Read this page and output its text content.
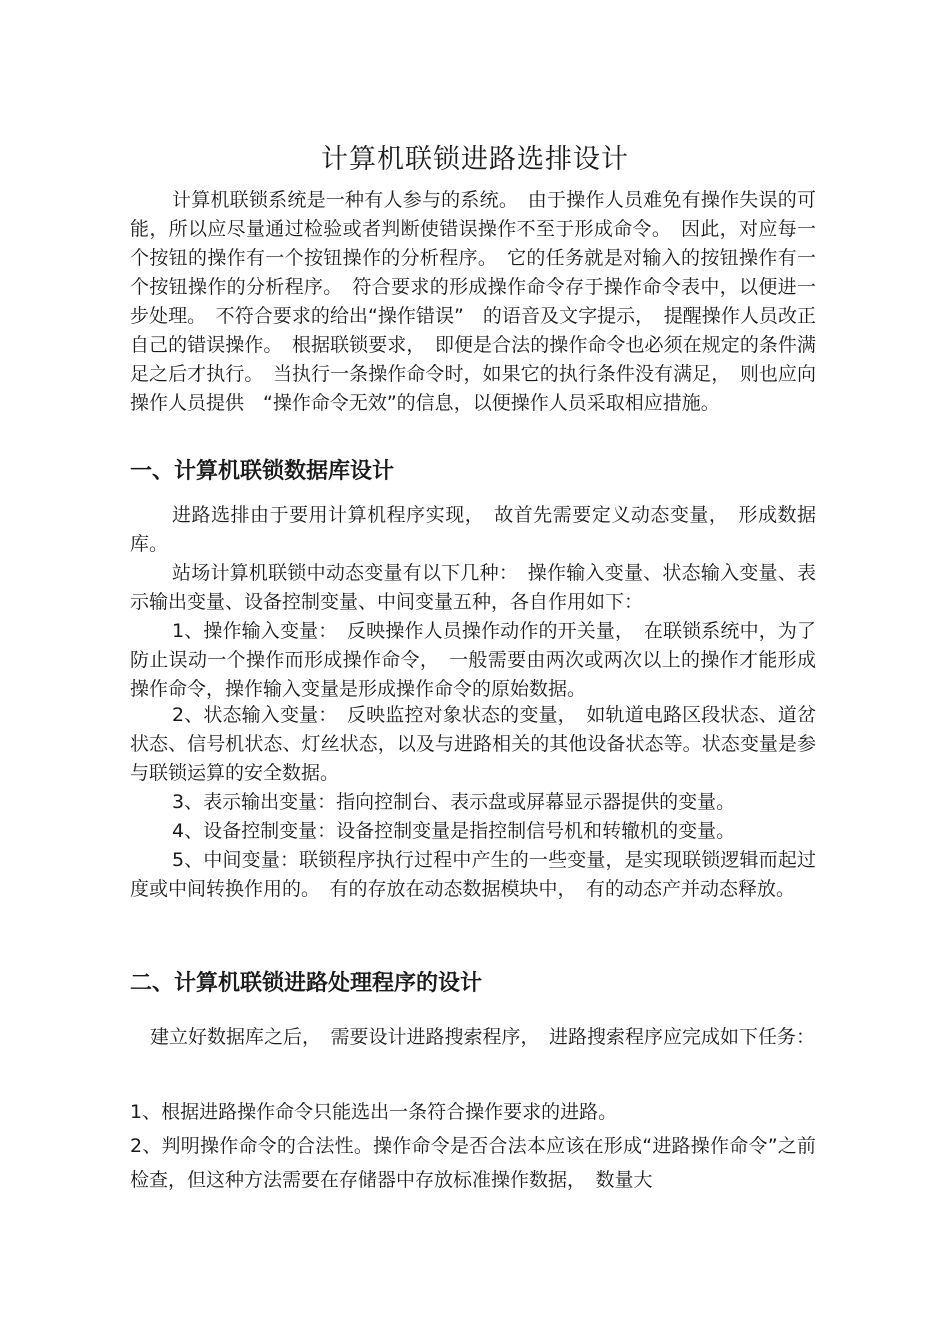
计算机联锁进路选排设计

计算机联锁系统是一种有人参与的系统。　由于操作人员难免有操作失误的可能，所以应尽量通过检验或者判断使错误操作不至于形成命令。　因此，对应每一个按钮的操作有一个按钮操作的分析程序。　它的任务就是对输入的按钮操作有一个按钮操作的分析程序。　符合要求的形成操作命令存于操作命令表中，以便进一步处理。　不符合要求的给出“操作错误”　的语音及文字提示，　提醒操作人员改正自己的错误操作。　根据联锁要求，　即便是合法的操作命令也必须在规定的条件满足之后才执行。　当执行一条操作命令时，如果它的执行条件没有满足，　则也应向操作人员提供　“操作命令无效”的信息，以便操作人员采取相应措施。

一、计算机联锁数据库设计

进路选排由于要用计算机程序实现，　故首先需要定义动态变量，　形成数据库。

站场计算机联锁中动态变量有以下几种：　操作输入变量、状态输入变量、表示输出变量、设备控制变量、中间变量五种，各自作用如下：

1、操作输入变量：　反映操作人员操作动作的开关量，　在联锁系统中，为了防止误动一个操作而形成操作命令，　一般需要由两次或两次以上的操作才能形成操作命令，操作输入变量是形成操作命令的原始数据。

2、状态输入变量：　反映监控对象状态的变量，　如轨道电路区段状态、道岔状态、信号机状态、灯丝状态，以及与进路相关的其他设备状态等。状态变量是参与联锁运算的安全数据。

3、表示输出变量：指向控制台、表示盘或屏幕显示器提供的变量。

4、设备控制变量：设备控制变量是指控制信号机和转辙机的变量。

5、中间变量：联锁程序执行过程中产生的一些变量，是实现联锁逻辑而起过度或中间转换作用的。　有的存放在动态数据模块中，　有的动态产并动态释放。

二、计算机联锁进路处理程序的设计

建立好数据库之后，　需要设计进路搜索程序，　进路搜索程序应完成如下任务：

1、根据进路操作命令只能选出一条符合操作要求的进路。

2、判明操作命令的合法性。操作命令是否合法本应该在形成“进路操作命令”之前检查，但这种方法需要在存储器中存放标准操作数据，　数量大
